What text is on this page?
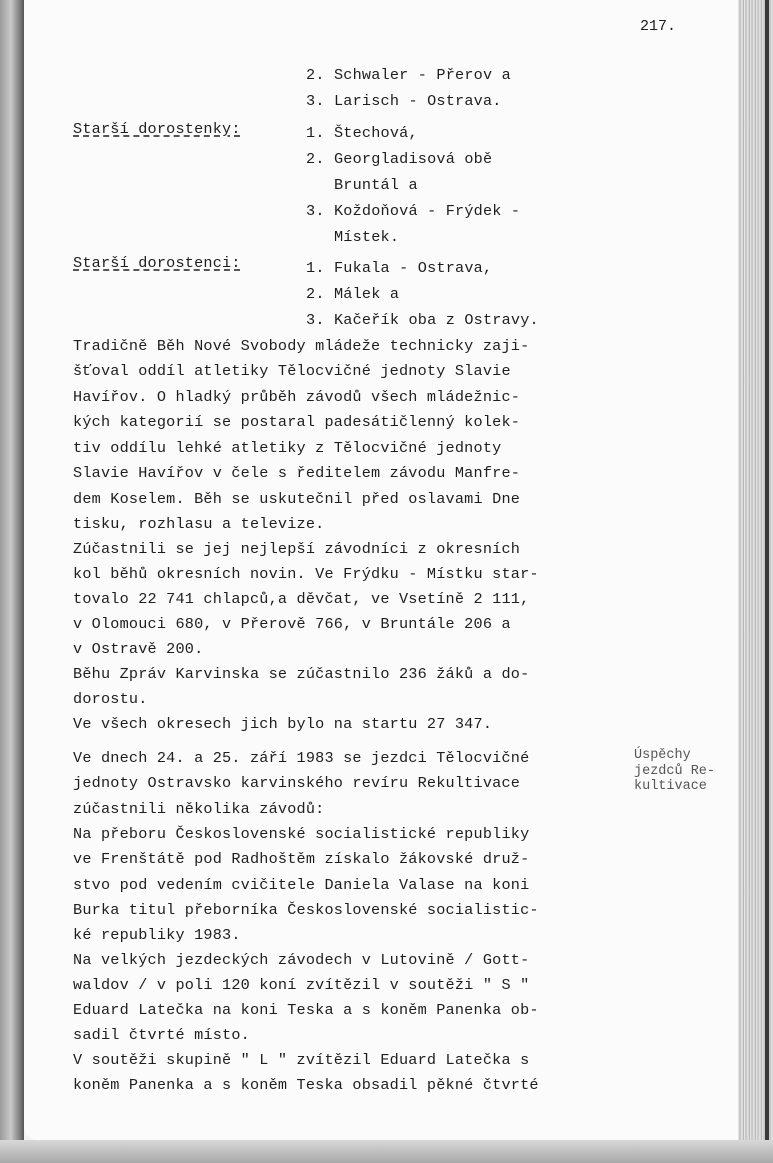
217.
2. Schwaler - Přerov a
3. Larisch - Ostrava.
Starší dorostenky:	1. Štechová,
2. Georgladisová obě
Bruntál a
3. Koždoňová - Frýdek -
Místek.
Starší dorostenci:	1. Fukala - Ostrava,
2. Málek a
3. Kačeřík oba z Ostravy.
Tradičně Běh Nové Svobody mládeže technicky zaji-
šťoval oddíl atletiky Tělocvičné jednoty Slavie
Havířov. O hladký průběh závodů všech mládežnic-
kých kategorií se postaral padesátičlenný kolek-
tiv oddílu lehké atletiky z Tělocvičné jednoty
Slavie Havířov v čele s ředitelem závodu Manfre-
dem Koselem. Běh se uskutečnil před oslavami Dne
tisku, rozhlasu a televize.
Zúčastnili se jej nejlepší závodníci z okresních
kol běhů okresních novin. Ve Frýdku - Místku star-
tovalo 22 741 chlapců,a děvčat, ve Vsetíně 2 111,
v Olomouci 680, v Přerově 766, v Bruntále 206 a
v Ostravě 200.
Běhu Zpráv Karvinska se zúčastnilo 236 žáků a do-
dorostu.
Ve všech okresech jich bylo na startu 27 347.
Ve dnech 24. a 25. září 1983 se jezdci Tělocvičné
jednoty Ostravsko karvinského revíru Rekultivace
zúčastnili několika závodů:
Na přeboru Československé socialistické republiky
ve Frenštátě pod Radhoštěm získalo žákovské druž-
stvo pod vedením cvičitele Daniela Valase na koni
Burka titul přeborníka Československé socialistic-
ké republiky 1983.
Na velkých jezdeckých závodech v Lutovině / Gott-
waldov / v poli 120 koní zvítězil v soutěži " S "
Eduard Latečka na koni Teska a s koněm Panenka ob-
sadil čtvrté místo.
V soutěži skupině " L " zvítězil Eduard Latečka s
koněm Panenka a s koněm Teska obsadil pěkné čtvrté
Úspěchy
jezdců Re-
kultivace
